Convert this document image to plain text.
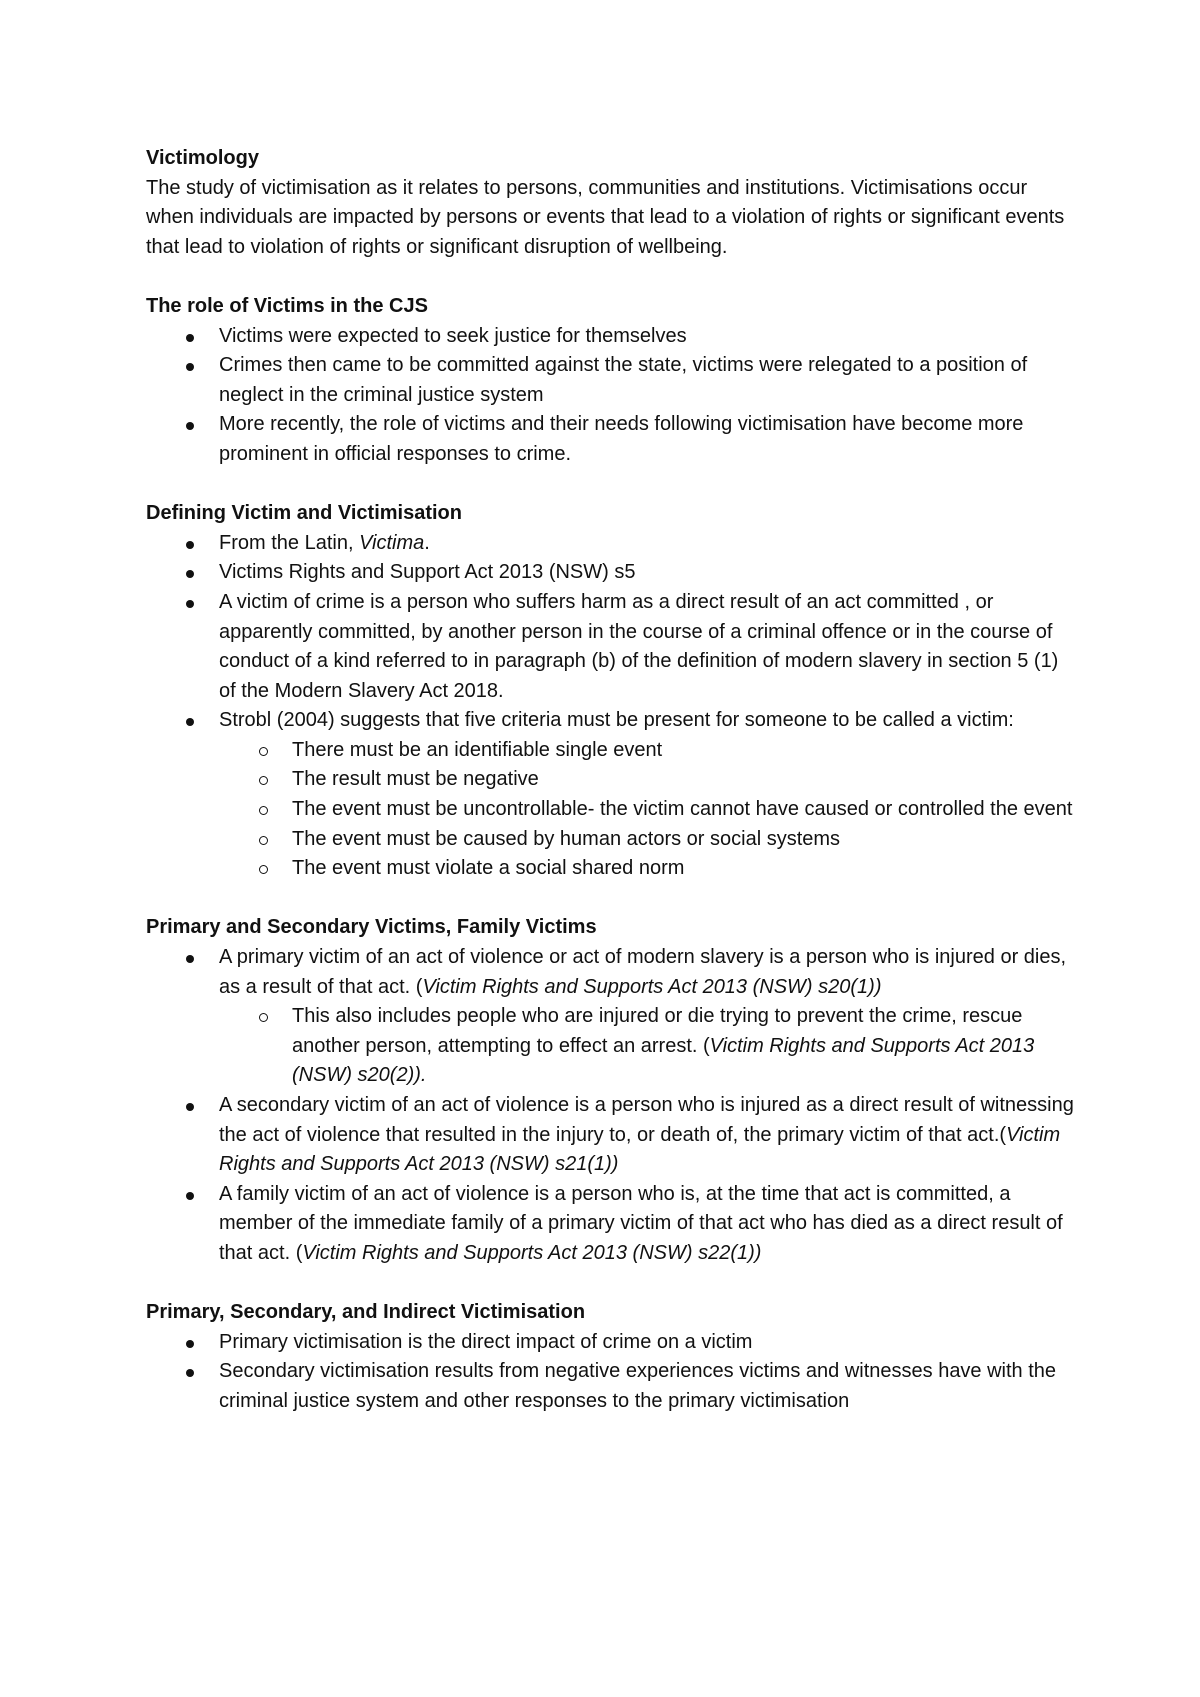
Victimology

The study of victimisation as it relates to persons, communities and institutions. Victimisations occur when individuals are impacted by persons or events that lead to a violation of rights or significant events that lead to violation of rights or significant disruption of wellbeing.

The role of Victims in the CJS
Victims were expected to seek justice for themselves
Crimes then came to be committed against the state, victims were relegated to a position of neglect in the criminal justice system
More recently, the role of victims and their needs following victimisation have become more prominent in official responses to crime.
Defining Victim and Victimisation
From the Latin, Victima.
Victims Rights and Support Act 2013 (NSW) s5
A victim of crime is a person who suffers harm as a direct result of an act committed , or apparently committed, by another person in the course of a criminal offence or in the course of conduct of a kind referred to in paragraph (b) of the definition of modern slavery in section 5 (1) of the Modern Slavery Act 2018.
Strobl (2004) suggests that five criteria must be present for someone to be called a victim:
There must be an identifiable single event
The result must be negative
The event must be uncontrollable- the victim cannot have caused or controlled the event
The event must be caused by human actors or social systems
The event must violate a social shared norm
Primary and Secondary Victims, Family Victims
A primary victim of an act of violence or act of modern slavery is a person who is injured or dies, as a result of that act. (Victim Rights and Supports Act 2013 (NSW) s20(1))
This also includes people who are injured or die trying to prevent the crime, rescue another person, attempting to effect an arrest. (Victim Rights and Supports Act 2013 (NSW) s20(2)).
A secondary victim of an act of violence is a person who is injured as a direct result of witnessing the act of violence that resulted in the injury to, or death of, the primary victim of that act.(Victim Rights and Supports Act 2013 (NSW) s21(1))
A family victim of an act of violence is a person who is, at the time that act is committed, a member of the immediate family of a primary victim of that act who has died as a direct result of that act. (Victim Rights and Supports Act 2013 (NSW) s22(1))
Primary, Secondary, and Indirect Victimisation
Primary victimisation is the direct impact of crime on a victim
Secondary victimisation results from negative experiences victims and witnesses have with the criminal justice system and other responses to the primary victimisation
